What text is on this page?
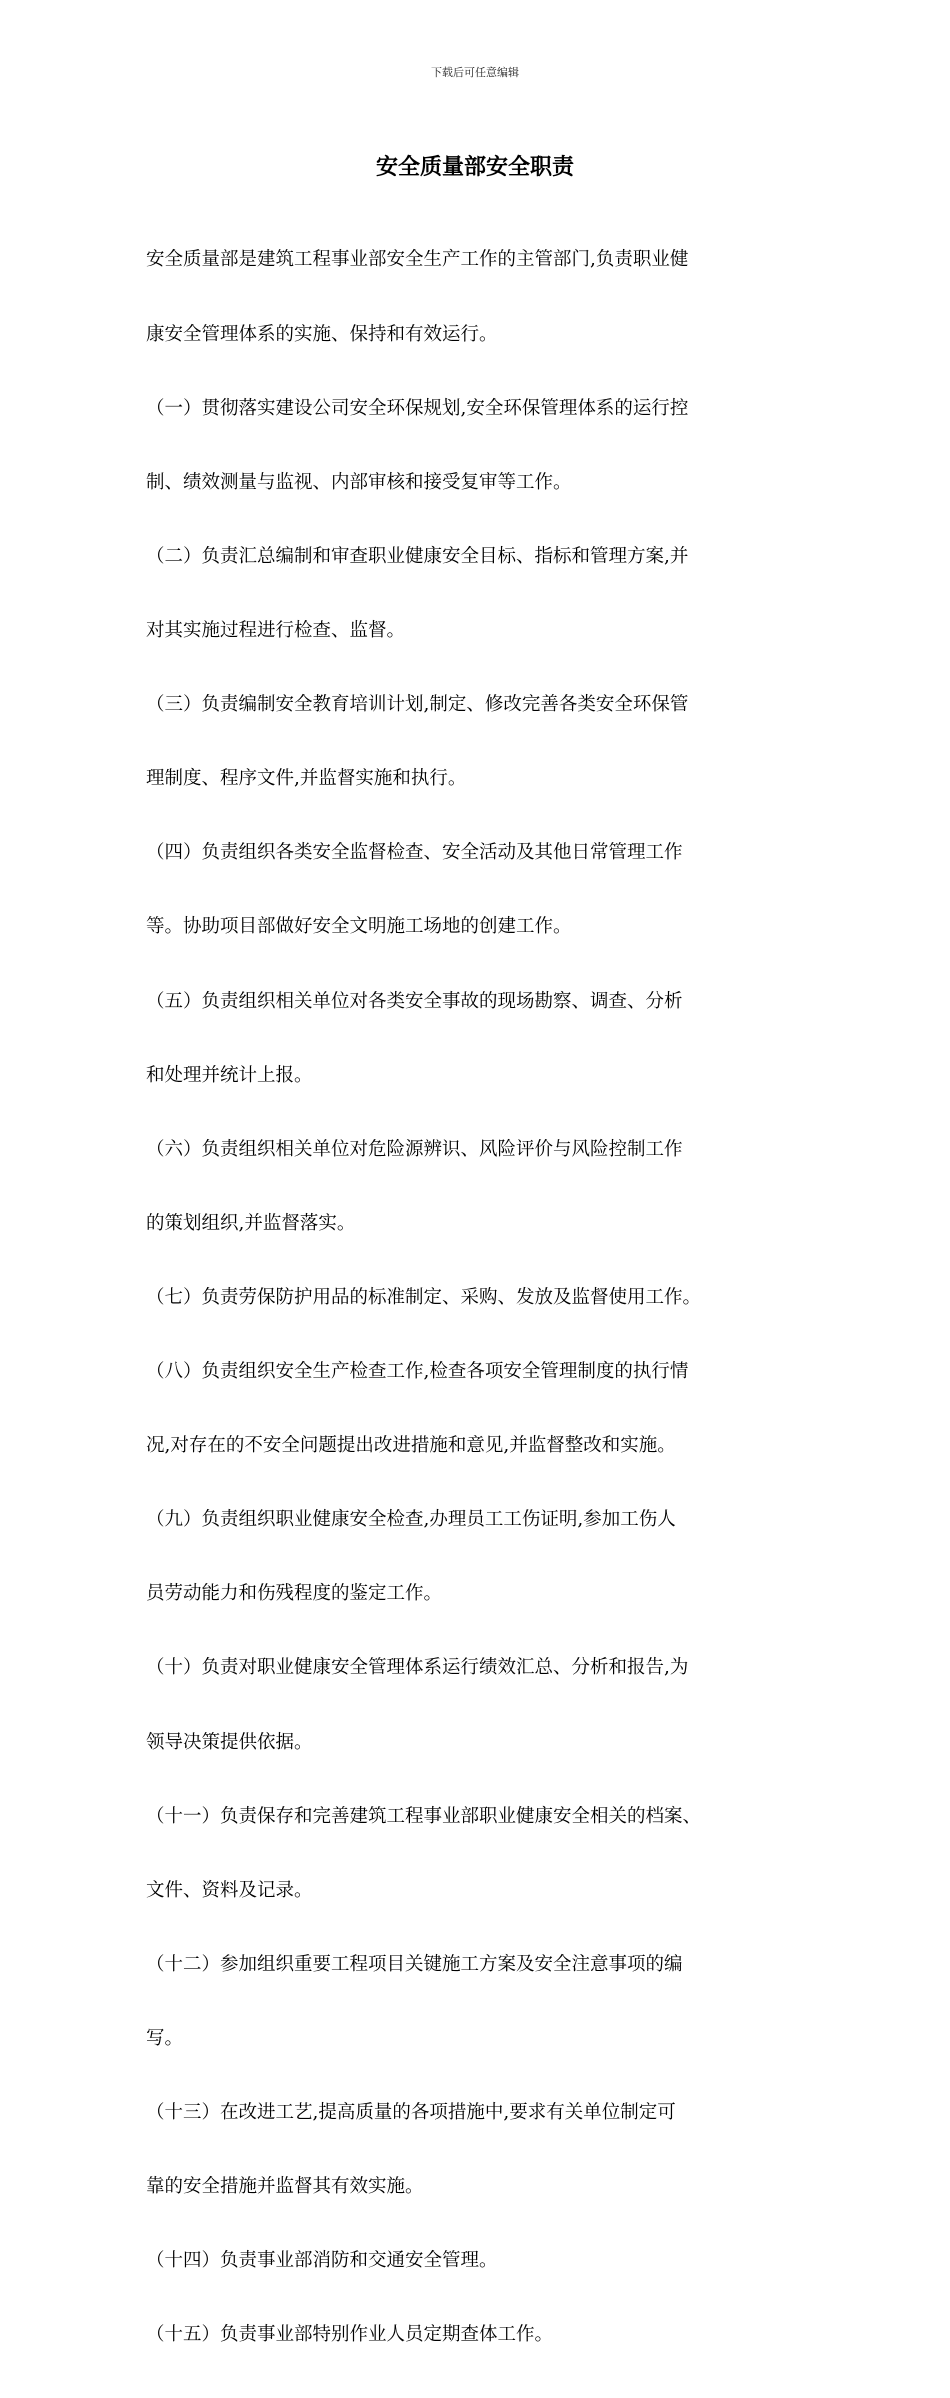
下载后可任意编辑
安全质量部安全职责

安全质量部是建筑工程事业部安全生产工作的主管部门,负责职业健

康安全管理体系的实施、保持和有效运行。

（一）贯彻落实建设公司安全环保规划,安全环保管理体系的运行控

制、绩效测量与监视、内部审核和接受复审等工作。

（二）负责汇总编制和审查职业健康安全目标、指标和管理方案,并

对其实施过程进行检查、监督。

（三）负责编制安全教育培训计划,制定、修改完善各类安全环保管

理制度、程序文件,并监督实施和执行。

（四）负责组织各类安全监督检查、安全活动及其他日常管理工作

等。协助项目部做好安全文明施工场地的创建工作。

（五）负责组织相关单位对各类安全事故的现场勘察、调查、分析

和处理并统计上报。

（六）负责组织相关单位对危险源辨识、风险评价与风险控制工作

的策划组织,并监督落实。

（七）负责劳保防护用品的标准制定、采购、发放及监督使用工作。

（八）负责组织安全生产检查工作,检查各项安全管理制度的执行情

况,对存在的不安全问题提出改进措施和意见,并监督整改和实施。

（九）负责组织职业健康安全检查,办理员工工伤证明,参加工伤人

员劳动能力和伤残程度的鉴定工作。

（十）负责对职业健康安全管理体系运行绩效汇总、分析和报告,为

领导决策提供依据。

（十一）负责保存和完善建筑工程事业部职业健康安全相关的档案、

文件、资料及记录。

（十二）参加组织重要工程项目关键施工方案及安全注意事项的编

写。

（十三）在改进工艺,提高质量的各项措施中,要求有关单位制定可

靠的安全措施并监督其有效实施。

（十四）负责事业部消防和交通安全管理。

（十五）负责事业部特别作业人员定期查体工作。
